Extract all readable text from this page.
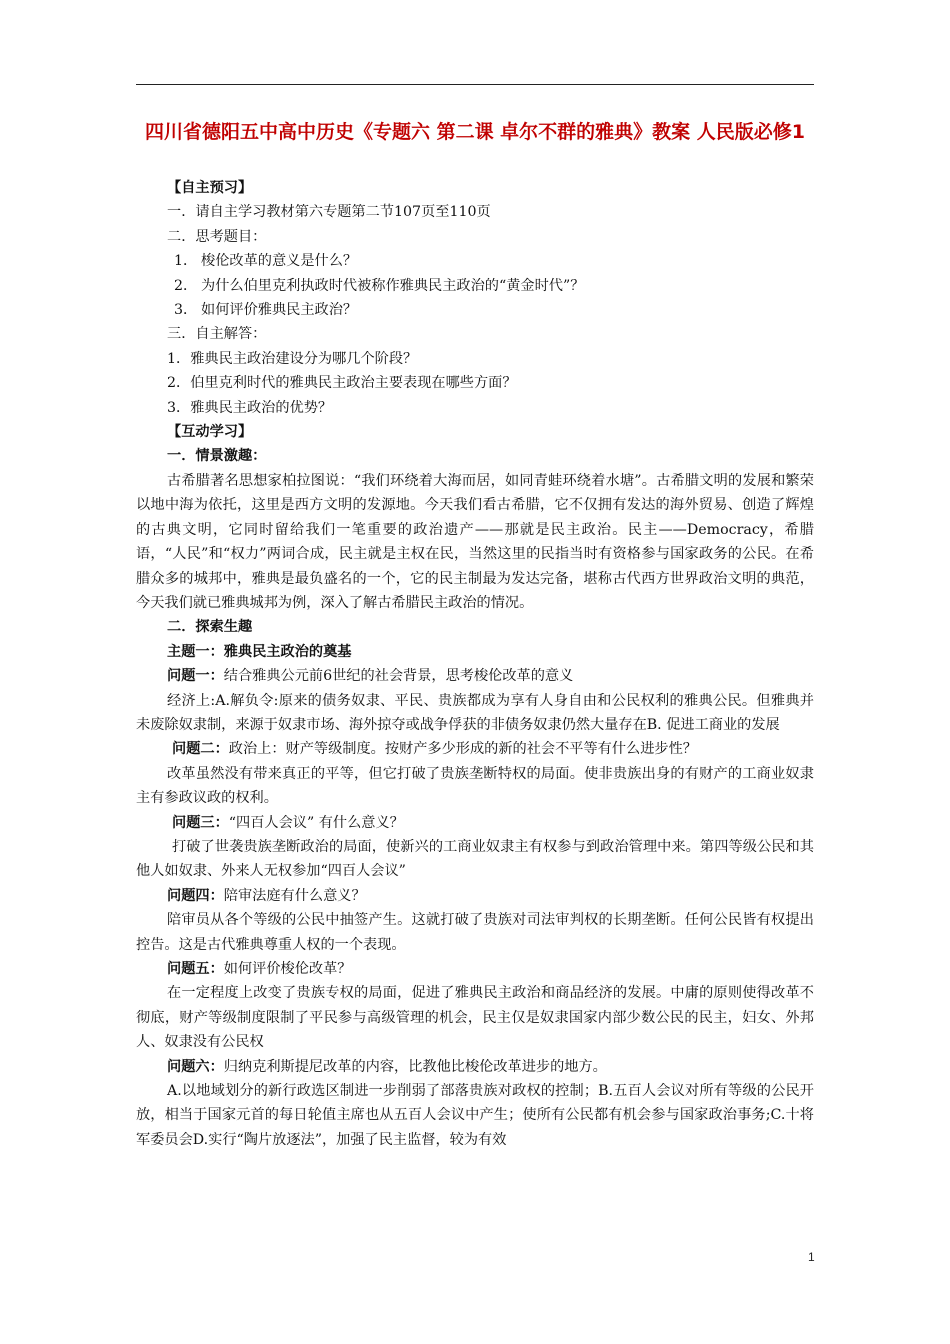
四川省德阳五中高中历史《专题六 第二课 卓尔不群的雅典》教案 人民版必修1
【自主预习】
一．请自主学习教材第六专题第二节107页至110页
二．思考题目：
1． 梭伦改革的意义是什么？
2． 为什么伯里克利执政时代被称作雅典民主政治的“黄金时代”？
3． 如何评价雅典民主政治？
三．自主解答：
1．雅典民主政治建设分为哪几个阶段？
2．伯里克利时代的雅典民主政治主要表现在哪些方面？
3．雅典民主政治的优势？
【互动学习】
一．情景激趣：
古希腊著名思想家柏拉图说：“我们环绕着大海而居，如同青蛙环绕着水塘”。古希腊文明的发展和繁荣以地中海为依托，这里是西方文明的发源地。今天我们看古希腊，它不仅拥有发达的海外贸易、创造了辉煌的古典文明，它同时留给我们一笔重要的政治遗产——那就是民主政治。民主——Democracy，希腊语，“人民”和“权力”两词合成，民主就是主权在民，当然这里的民指当时有资格参与国家政务的公民。在希腊众多的城邦中，雅典是最负盛名的一个，它的民主制最为发达完备，堪称古代西方世界政治文明的典范，今天我们就已雅典城邦为例，深入了解古希腊民主政治的情况。
二．探索生趣
主题一：雅典民主政治的奠基
问题一：结合雅典公元前6世纪的社会背景，思考梭伦改革的意义
经济上:A.解负令:原来的债务奴隶、平民、贵族都成为享有人身自由和公民权利的雅典公民。但雅典并未废除奴隶制，来源于奴隶市场、海外掠夺或战争俘获的非债务奴隶仍然大量存在B. 促进工商业的发展
问题二：政治上：财产等级制度。按财产多少形成的新的社会不平等有什么进步性？
改革虽然没有带来真正的平等，但它打破了贵族垄断特权的局面。使非贵族出身的有财产的工商业奴隶主有参政议政的权利。
问题三：“四百人会议” 有什么意义？
打破了世袭贵族垄断政治的局面，使新兴的工商业奴隶主有权参与到政治管理中来。第四等级公民和其他人如奴隶、外来人无权参加“四百人会议”
问题四：陪审法庭有什么意义？
陪审员从各个等级的公民中抽签产生。这就打破了贵族对司法审判权的长期垄断。任何公民皆有权提出控告。这是古代雅典尊重人权的一个表现。
问题五：如何评价梭伦改革？
在一定程度上改变了贵族专权的局面，促进了雅典民主政治和商品经济的发展。中庸的原则使得改革不彻底，财产等级制度限制了平民参与高级管理的机会，民主仅是奴隶国家内部少数公民的民主，妇女、外邦人、奴隶没有公民权
问题六：归纳克利斯提尼改革的内容，比教他比梭伦改革进步的地方。
A.以地域划分的新行政选区制进一步削弱了部落贵族对政权的控制；B.五百人会议对所有等级的公民开放，相当于国家元首的每日轮值主席也从五百人会议中产生；使所有公民都有机会参与国家政治事务;C.十将军委员会D.实行“陶片放逐法”，加强了民主监督，较为有效
1
